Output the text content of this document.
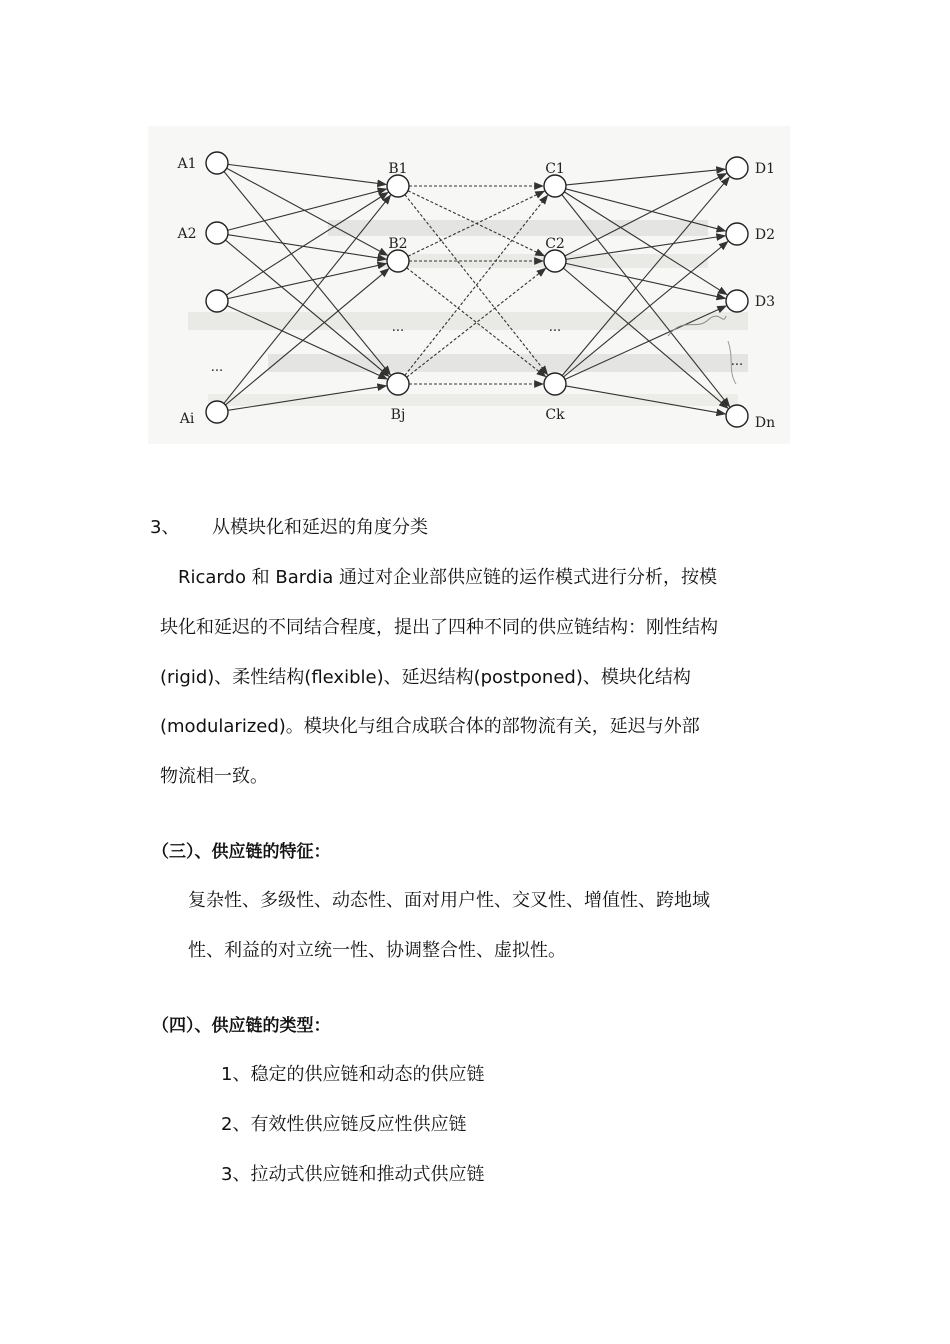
A1
A2
...
Ai
B1
B2
...
Bj
C1
C2
...
Ck
D1
D2
D3
...
Dn
3、 从模块化和延迟的角度分类
Ricardo 和 Bardia 通过对企业部供应链的运作模式进行分析，按模
块化和延迟的不同结合程度，提出了四种不同的供应链结构：刚性结构
(rigid)、柔性结构(flexible)、延迟结构(postponed)、模块化结构
(modularized)。模块化与组合成联合体的部物流有关，延迟与外部
物流相一致。
（三）、供应链的特征：
复杂性、多级性、动态性、面对用户性、交叉性、增值性、跨地域
性、利益的对立统一性、协调整合性、虚拟性。
（四）、供应链的类型：
1、稳定的供应链和动态的供应链
2、有效性供应链反应性供应链
3、拉动式供应链和推动式供应链
